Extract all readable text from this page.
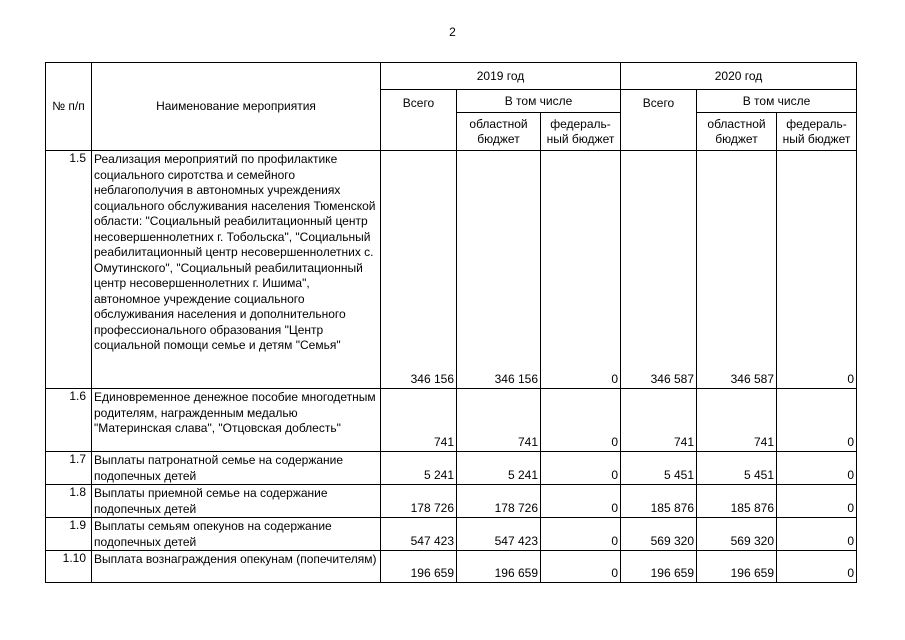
2
№ п/п	Наименование мероприятия	2019 год			2020 год		
		Всего	В том числе		Всего	В том числе	
			областной бюджет	федераль-ный бюджет		областной бюджет	федераль-ный бюджет
1.5	Реализация мероприятий по профилактике социального сиротства и семейного неблагополучия в автономных учреждениях социального обслуживания населения Тюменской области: "Социальный реабилитационный центр несовершеннолетних г. Тобольска", "Социальный реабилитационный центр несовершеннолетних с. Омутинского", "Социальный реабилитационный центр несовершеннолетних г. Ишима", автономное учреждение социального обслуживания населения и дополнительного профессионального образования "Центр социальной помощи семье и детям "Семья"	346 156	346 156	0	346 587	346 587	0
1.6	Единовременное денежное пособие многодетным родителям, награжденным медалью "Материнская слава", "Отцовская доблесть"	741	741	0	741	741	0
1.7	Выплаты патронатной семье на содержание подопечных детей	5 241	5 241	0	5 451	5 451	0
1.8	Выплаты приемной семье на содержание подопечных детей	178 726	178 726	0	185 876	185 876	0
1.9	Выплаты семьям опекунов на содержание подопечных детей	547 423	547 423	0	569 320	569 320	0
1.10	Выплата вознаграждения опекунам (попечителям)	196 659	196 659	0	196 659	196 659	0
